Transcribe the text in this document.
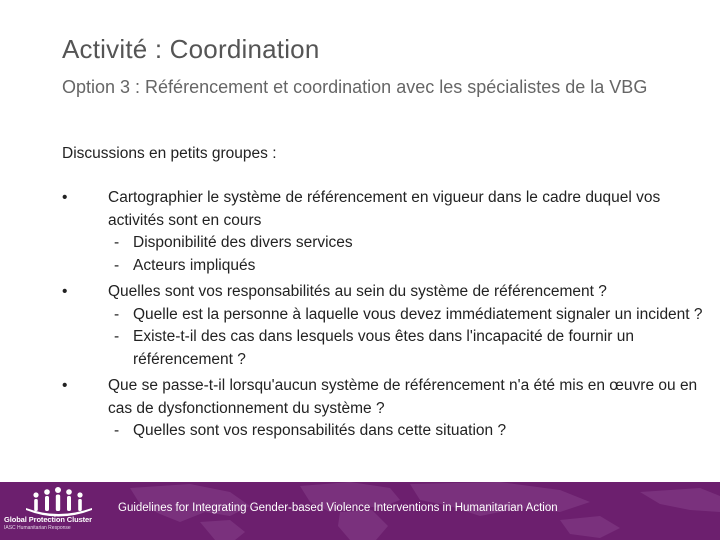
Activité : Coordination
Option 3 : Référencement et coordination avec les spécialistes de la VBG
Discussions en petits groupes :
•	Cartographier le système de référencement en vigueur dans le cadre duquel vos activités sont en cours
- Disponibilité des divers services
- Acteurs impliqués
•	Quelles sont vos responsabilités au sein du système de référencement ?
- Quelle est la personne à laquelle vous devez immédiatement signaler un incident ?
- Existe-t-il des cas dans lesquels vous êtes dans l'incapacité de fournir un référencement ?
•	Que se passe-t-il lorsqu'aucun système de référencement n'a été mis en œuvre ou en cas de dysfonctionnement du système ?
- Quelles sont vos responsabilités dans cette situation ?
Global Protection Cluster
IASC Humanitarian Response
Guidelines for Integrating Gender-based Violence Interventions in Humanitarian Action
